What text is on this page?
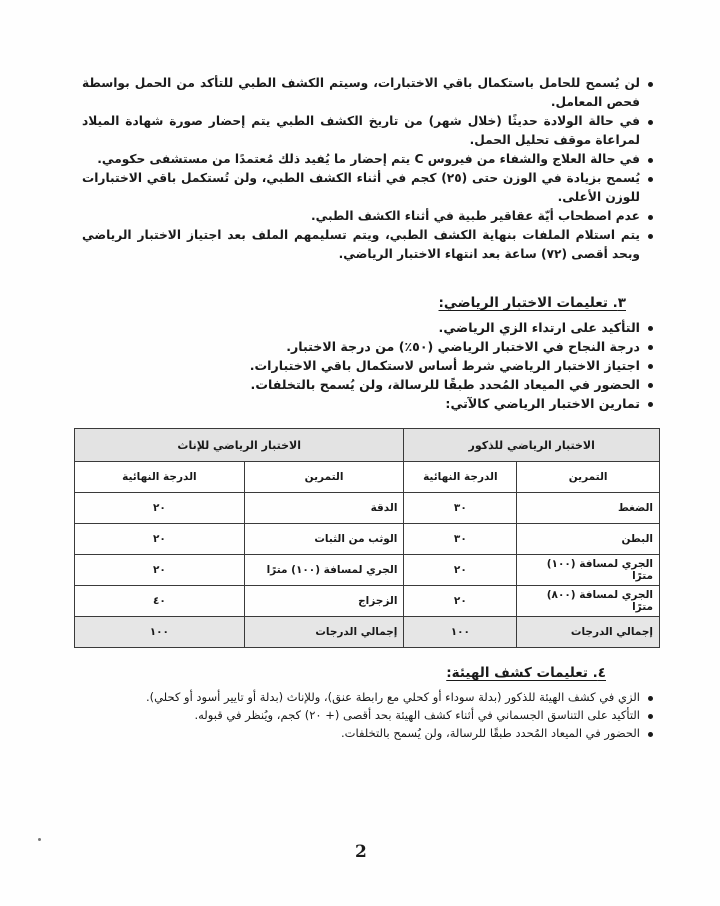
لن يُسمح للحامل باستكمال باقي الاختبارات، وسيتم الكشف الطبي للتأكد من الحمل بواسطة فحص المعامل.
في حالة الولادة حديثًا (خلال شهر) من تاريخ الكشف الطبي يتم إحضار صورة شهادة الميلاد لمراعاة موقف تحليل الحمل.
في حالة العلاج والشفاء من فيروس C يتم إحضار ما يُفيد ذلك مُعتمدًا من مستشفى حكومي.
يُسمح بزيادة في الوزن حتى (٢٥) كجم في أثناء الكشف الطبي، ولن تُستكمل باقي الاختبارات للوزن الأعلى.
عدم اصطحاب أيّة عقاقير طبية في أثناء الكشف الطبي.
يتم استلام الملفات بنهاية الكشف الطبي، ويتم تسليمهم الملف بعد اجتياز الاختبار الرياضي وبحد أقصى (٧٢) ساعة بعد انتهاء الاختبار الرياضي.
٣. تعليمات الاختبار الرياضي:
التأكيد على ارتداء الزي الرياضي.
درجة النجاح في الاختبار الرياضي (٥٠٪) من درجة الاختبار.
اجتياز الاختبار الرياضي شرط أساس لاستكمال باقي الاختبارات.
الحضور في الميعاد المُحدد طبقًا للرسالة، ولن يُسمح بالتخلفات.
تمارين الاختبار الرياضي كالآتي:
الاختبار الرياضي للذكور		الاختبار الرياضي للإناث	
التمرين	الدرجة النهائية	التمرين	الدرجة النهائية
الضغط	٣٠	الدقة	٢٠
البطن	٣٠	الوثب من الثبات	٢٠
الجري لمسافة (١٠٠) مترًا	٢٠	الجري لمسافة (١٠٠) مترًا	٢٠
الجري لمسافة (٨٠٠) مترًا	٢٠	الزجزاج	٤٠
إجمالي الدرجات	١٠٠	إجمالي الدرجات	١٠٠
٤. تعليمات كشف الهيئة:
الزي في كشف الهيئة للذكور (بدلة سوداء أو كحلي مع رابطة عنق)، وللإناث (بدلة أو تايير أسود أو كحلي).
التأكيد على التناسق الجسماني في أثناء كشف الهيئة بحد أقصى (+ ٢٠) كجم، ويُنظر في قبوله.
الحضور في الميعاد المُحدد طبقًا للرسالة، ولن يُسمح بالتخلفات.
2
